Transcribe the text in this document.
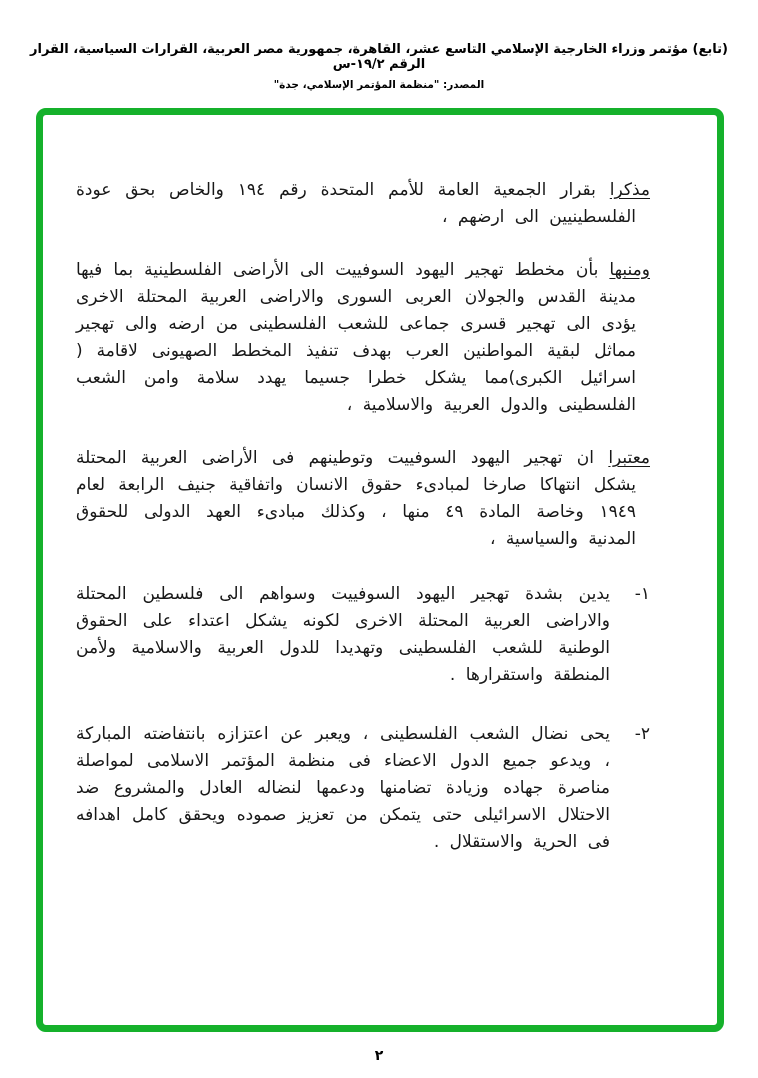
(تابع) مؤتمر وزراء الخارجية الإسلامي التاسع عشر، القاهرة، جمهورية مصر العربية، القرارات السياسية، القرار الرقم ١٩/٢-س
المصدر: "منظمة المؤتمر الإسلامي، جدة"

مذكرا بقرار الجمعية العامة للأمم المتحدة رقم ١٩٤ والخاص بحق عودة الفلسطينيين الى ارضهم ،

ومنبها بأن مخطط تهجير اليهود السوفييت الى الأراضى الفلسطينية بما فيها مدينة القدس والجولان العربى السورى والاراضى العربية المحتلة الاخرى يؤدى الى تهجير قسرى جماعى للشعب الفلسطينى من ارضه والى تهجير مماثل لبقية المواطنين العرب بهدف تنفيذ المخطط الصهيونى لاقامة ( اسرائيل الكبرى)مما يشكل خطرا جسيما يهدد سلامة وامن الشعب الفلسطينى والدول العربية والاسلامية ،

معتبرا ان تهجير اليهود السوفييت وتوطينهم فى الأراضى العربية المحتلة يشكل انتهاكا صارخا لمبادىء حقوق الانسان واتفاقية جنيف الرابعة لعام ١٩٤٩ وخاصة المادة ٤٩ منها ، وكذلك مبادىء العهد الدولى للحقوق المدنية والسياسية ،

١-
يدين بشدة تهجير اليهود السوفييت وسواهم الى فلسطين المحتلة والاراضى العربية المحتلة الاخرى لكونه يشكل اعتداء على الحقوق الوطنية للشعب الفلسطينى وتهديدا للدول العربية والاسلامية ولأمن المنطقة واستقرارها .
٢-
يحى نضال الشعب الفلسطينى ، ويعبر عن اعتزازه بانتفاضته المباركة ، ويدعو جميع الدول الاعضاء فى منظمة المؤتمر الاسلامى لمواصلة مناصرة جهاده وزيادة تضامنها ودعمها لنضاله العادل والمشروع ضد الاحتلال الاسرائيلى حتى يتمكن من تعزيز صموده ويحقق كامل اهدافه فى الحرية والاستقلال .
٢
